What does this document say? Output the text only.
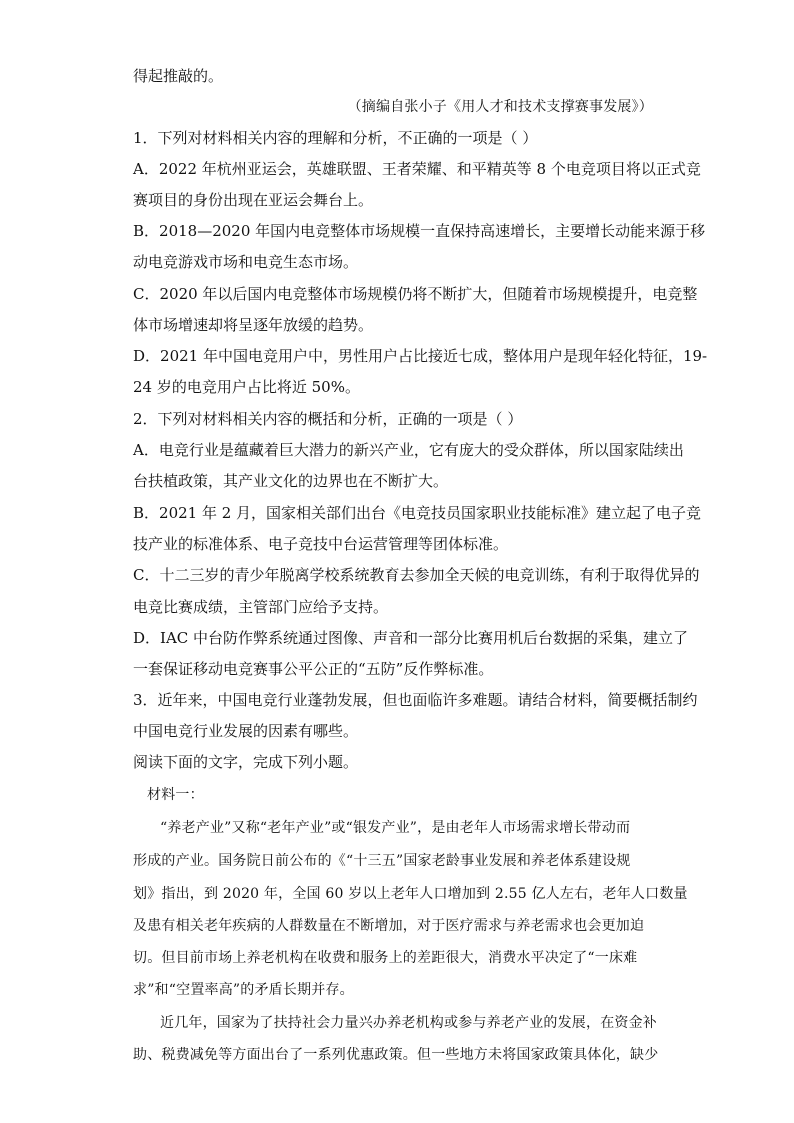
得起推敲的。
（摘编自张小子《用人才和技术支撑赛事发展》）
1．下列对材料相关内容的理解和分析，不正确的一项是（ ）
A．2022 年杭州亚运会，英雄联盟、王者荣耀、和平精英等 8 个电竞项目将以正式竞
赛项目的身份出现在亚运会舞台上。
B．2018—2020 年国内电竞整体市场规模一直保持高速增长，主要增长动能来源于移
动电竞游戏市场和电竞生态市场。
C．2020 年以后国内电竞整体市场规模仍将不断扩大，但随着市场规模提升，电竞整
体市场增速却将呈逐年放缓的趋势。
D．2021 年中国电竞用户中，男性用户占比接近七成，整体用户是现年轻化特征，19-
24 岁的电竞用户占比将近 50%。
2．下列对材料相关内容的概括和分析，正确的一项是（ ）
A．电竞行业是蕴藏着巨大潜力的新兴产业，它有庞大的受众群体，所以国家陆续出
台扶植政策，其产业文化的边界也在不断扩大。
B．2021 年 2 月，国家相关部们出台《电竞技员国家职业技能标准》建立起了电子竞
技产业的标准体系、电子竞技中台运营管理等团体标准。
C．十二三岁的青少年脱离学校系统教育去参加全天候的电竞训练，有利于取得优异的
电竞比赛成绩，主管部门应给予支持。
D．IAC 中台防作弊系统通过图像、声音和一部分比赛用机后台数据的采集，建立了
一套保证移动电竞赛事公平公正的“五防”反作弊标准。
3．近年来，中国电竞行业蓬勃发展，但也面临许多难题。请结合材料，简要概括制约
中国电竞行业发展的因素有哪些。
阅读下面的文字，完成下列小题。
材料一：
“养老产业”又称“老年产业”或“银发产业”，是由老年人市场需求增长带动而
形成的产业。国务院日前公布的《“十三五”国家老龄事业发展和养老体系建设规
划》指出，到 2020 年，全国 60 岁以上老年人口增加到 2.55 亿人左右，老年人口数量
及患有相关老年疾病的人群数量在不断增加，对于医疗需求与养老需求也会更加迫
切。但目前市场上养老机构在收费和服务上的差距很大，消费水平决定了“一床难
求”和“空置率高”的矛盾长期并存。
近几年，国家为了扶持社会力量兴办养老机构或参与养老产业的发展，在资金补
助、税费减免等方面出台了一系列优惠政策。但一些地方未将国家政策具体化，缺少
